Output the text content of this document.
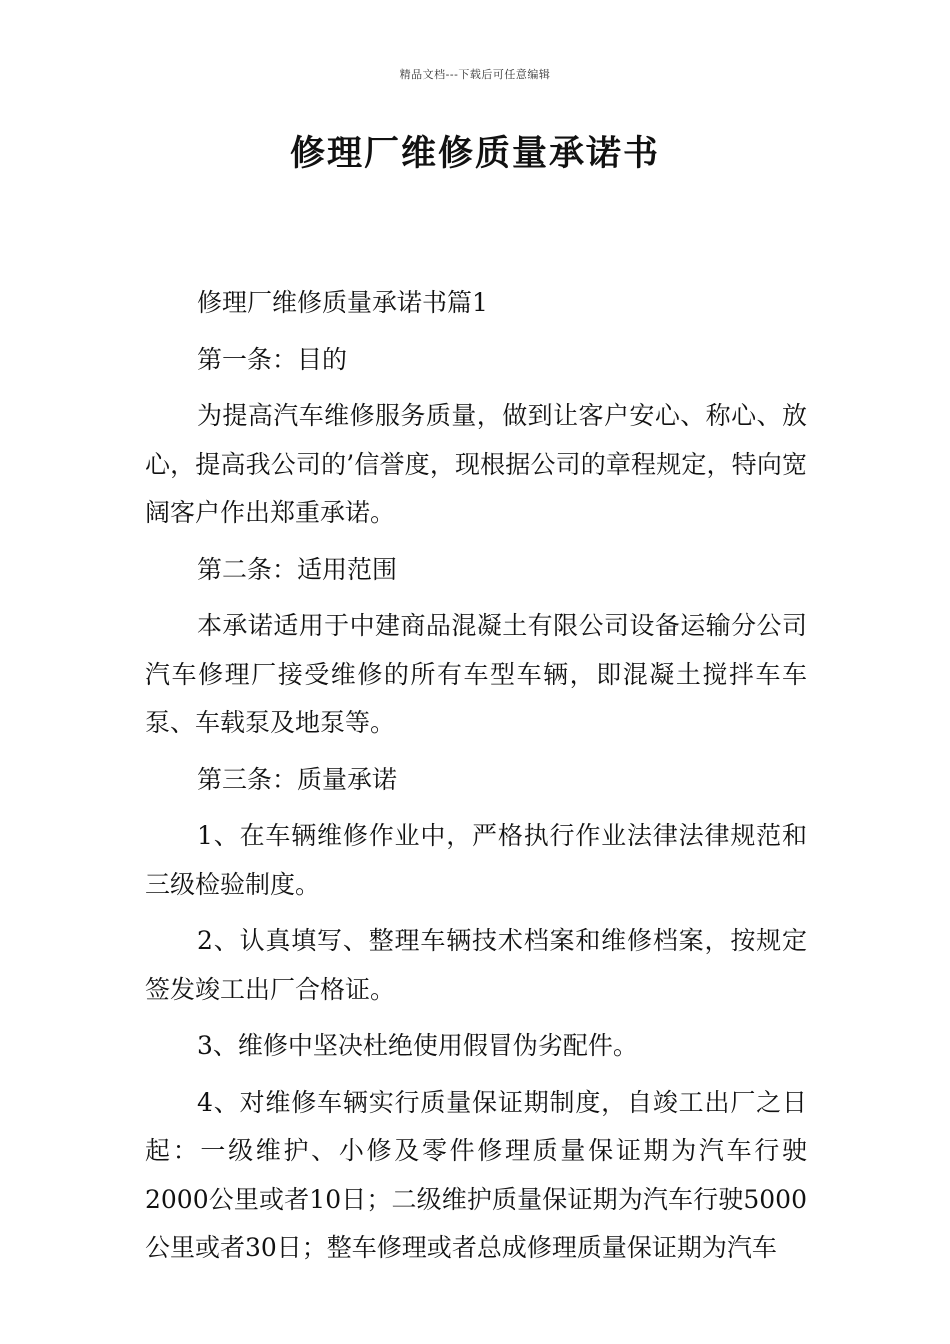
精品文档---下载后可任意编辑
修理厂维修质量承诺书

修理厂维修质量承诺书篇1

第一条：目的

为提高汽车维修服务质量，做到让客户安心、称心、放心，提高我公司的’信誉度，现根据公司的章程规定，特向宽阔客户作出郑重承诺。

第二条：适用范围

本承诺适用于中建商品混凝土有限公司设备运输分公司汽车修理厂接受维修的所有车型车辆，即混凝土搅拌车车泵、车载泵及地泵等。

第三条：质量承诺

1、在车辆维修作业中，严格执行作业法律法律规范和三级检验制度。

2、认真填写、整理车辆技术档案和维修档案，按规定签发竣工出厂合格证。

3、维修中坚决杜绝使用假冒伪劣配件。

4、对维修车辆实行质量保证期制度，自竣工出厂之日起：一级维护、小修及零件修理质量保证期为汽车行驶2000公里或者10日；二级维护质量保证期为汽车行驶5000公里或者30日；整车修理或者总成修理质量保证期为汽车
